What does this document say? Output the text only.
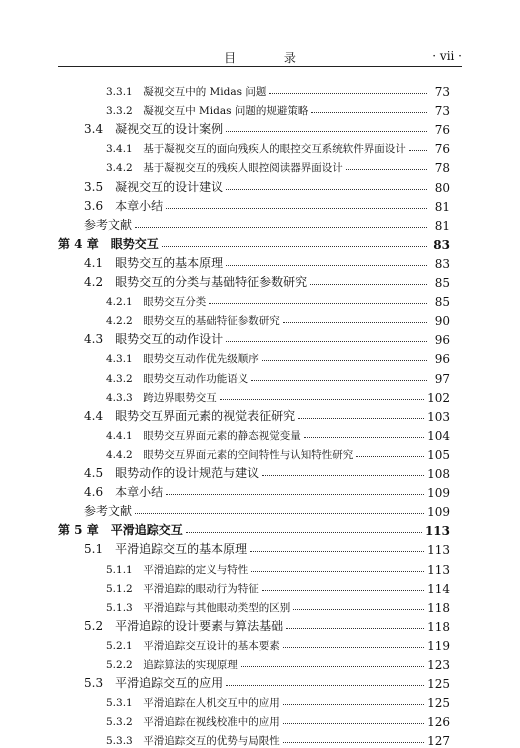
目 录	· vii ·
3.3.1　凝视交互中的 Midas 问题	73
3.3.2　凝视交互中 Midas 问题的规避策略	73
3.4　凝视交互的设计案例	76
3.4.1　基于凝视交互的面向残疾人的眼控交互系统软件界面设计	76
3.4.2　基于凝视交互的残疾人眼控阅读器界面设计	78
3.5　凝视交互的设计建议	80
3.6　本章小结	81
参考文献	81
第 4 章　眼势交互	83
4.1　眼势交互的基本原理	83
4.2　眼势交互的分类与基础特征参数研究	85
4.2.1　眼势交互分类	85
4.2.2　眼势交互的基础特征参数研究	90
4.3　眼势交互的动作设计	96
4.3.1　眼势交互动作优先级顺序	96
4.3.2　眼势交互动作功能语义	97
4.3.3　跨边界眼势交互	102
4.4　眼势交互界面元素的视觉表征研究	103
4.4.1　眼势交互界面元素的静态视觉变量	104
4.4.2　眼势交互界面元素的空间特性与认知特性研究	105
4.5　眼势动作的设计规范与建议	108
4.6　本章小结	109
参考文献	109
第 5 章　平滑追踪交互	113
5.1　平滑追踪交互的基本原理	113
5.1.1　平滑追踪的定义与特性	113
5.1.2　平滑追踪的眼动行为特征	114
5.1.3　平滑追踪与其他眼动类型的区别	118
5.2　平滑追踪的设计要素与算法基础	118
5.2.1　平滑追踪交互设计的基本要素	119
5.2.2　追踪算法的实现原理	123
5.3　平滑追踪交互的应用	125
5.3.1　平滑追踪在人机交互中的应用	125
5.3.2　平滑追踪在视线校准中的应用	126
5.3.3　平滑追踪交互的优势与局限性	127
